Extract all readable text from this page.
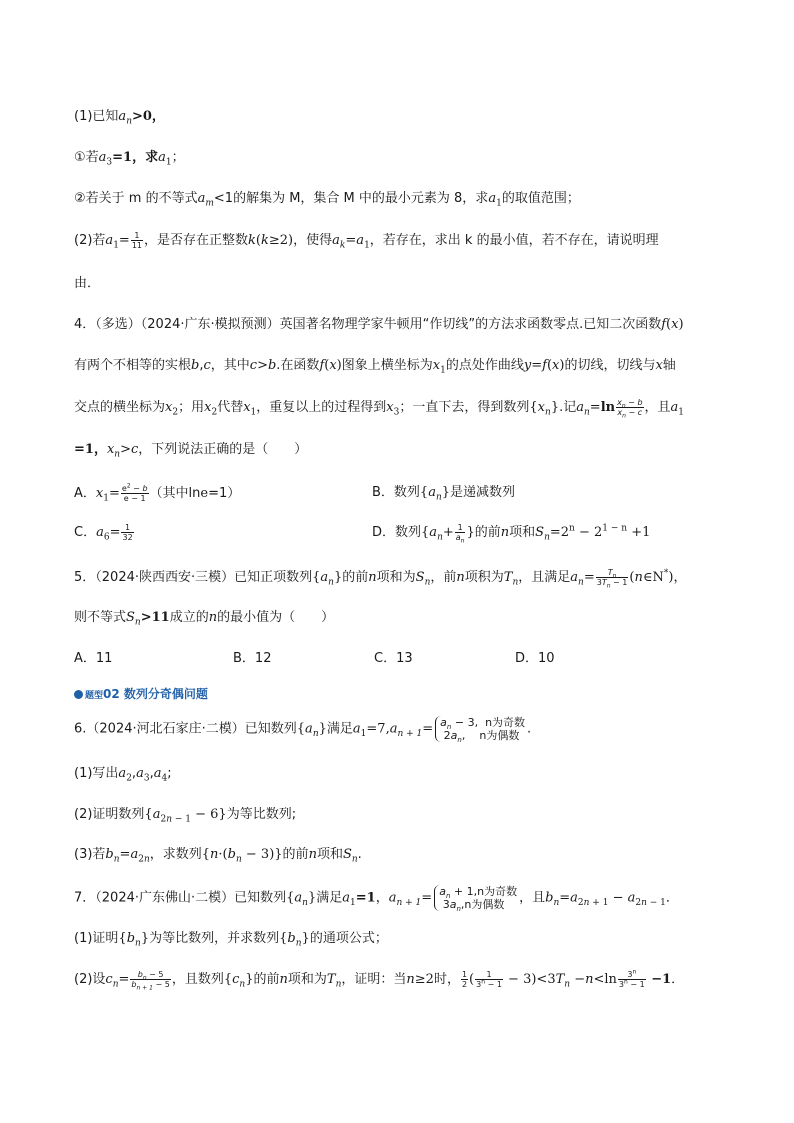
(1)已知$a_n>0$，
①若$a_3=1$，求$a_1$；
②若关于 m 的不等式$a_m<1$的解集为 M，集合 M 中的最小元素为 8，求$a_1$的取值范围；
(2)若$a_1= \frac{1}{11}$ ，是否存在正整数k(k≥2)，使得$a_k=a_1$，若存在，求出 k 的最小值，若不存在，请说明理
由．
4．（多选）（2024·广东·模拟预测）英国著名物理学家牛顿用“作切线”的方法求函数零点.已知二次函数f(x)
有两个不相等的实根b,c，其中c>b.在函数f(x)图象上横坐标为$x_1$的点处作曲线y=f(x)的切线，切线与x轴
交点的横坐标为$x_2$；用$x_2$代替$x_1$，重复以上的过程得到$x_3$；一直下去，得到数列$\{x_n\}$.记$a_n=\ln \frac{x_n - b}{x_n - c}$ ，且$a_1$
=1，$x_n>c$，下列说法正确的是（　　）
A．$x_1= \frac{e^2 - b}{e - 1}$ （其中lne=1）	B．数列$\{a_n\}$是递减数列
C．$a_6= \frac{1}{32}$	D．数列{$a_n+ \frac{1}{a_n}$ }的前n项和$S_n=2^n - 2^{1 - n} +1$
5．（2024·陕西西安·三模）已知正项数列$\{a_n\}$的前n项和为$S_n$，前n项积为$T_n$，且满足$a_n= \frac{T_n}{3T_n - 1}$ (n∈N*)，
则不等式$S_n>11$成立的n的最小值为（　　）
A．11	B．12	C．13	D．10
题型02 数列分奇偶问题
6.（2024·河北石家庄·二模）已知数列$\{a_n\}$满足$a_1=7,a_{n + 1}= a_n - 3$,  n为奇数
$2a_n$,    n为偶数 .
(1)写出$a_2,a_3,a_4$;
(2)证明数列$\{a_{2n - 1} - 6\}$为等比数列;
(3)若$b_n=a_{2n}$，求数列$\{n\cdot(b_n - 3)\}$的前n项和$S_n$.
7．（2024·广东佛山·二模）已知数列$\{a_n\}$满足$a_1=1$，$a_{n + 1}= a_n + 1,n$为奇数
$3a_n,n$为偶数	，且$b_n=a_{2n + 1} - a_{2n - 1}$．
(1)证明$\{b_n\}$为等比数列，并求数列$\{b_n\}$的通项公式；
(2)设$c_n= \frac{b_n - 5}{b_{n + 1} - 5}$ ，且数列$\{c_n\}$的前n项和为$T_n$，证明：当n≥2时， $\frac{1}{2}$ ( $\frac{1}{3^n - 1} - 3)<3T_n -n<\ln \frac{3^n}{3^n - 1} -1$．
